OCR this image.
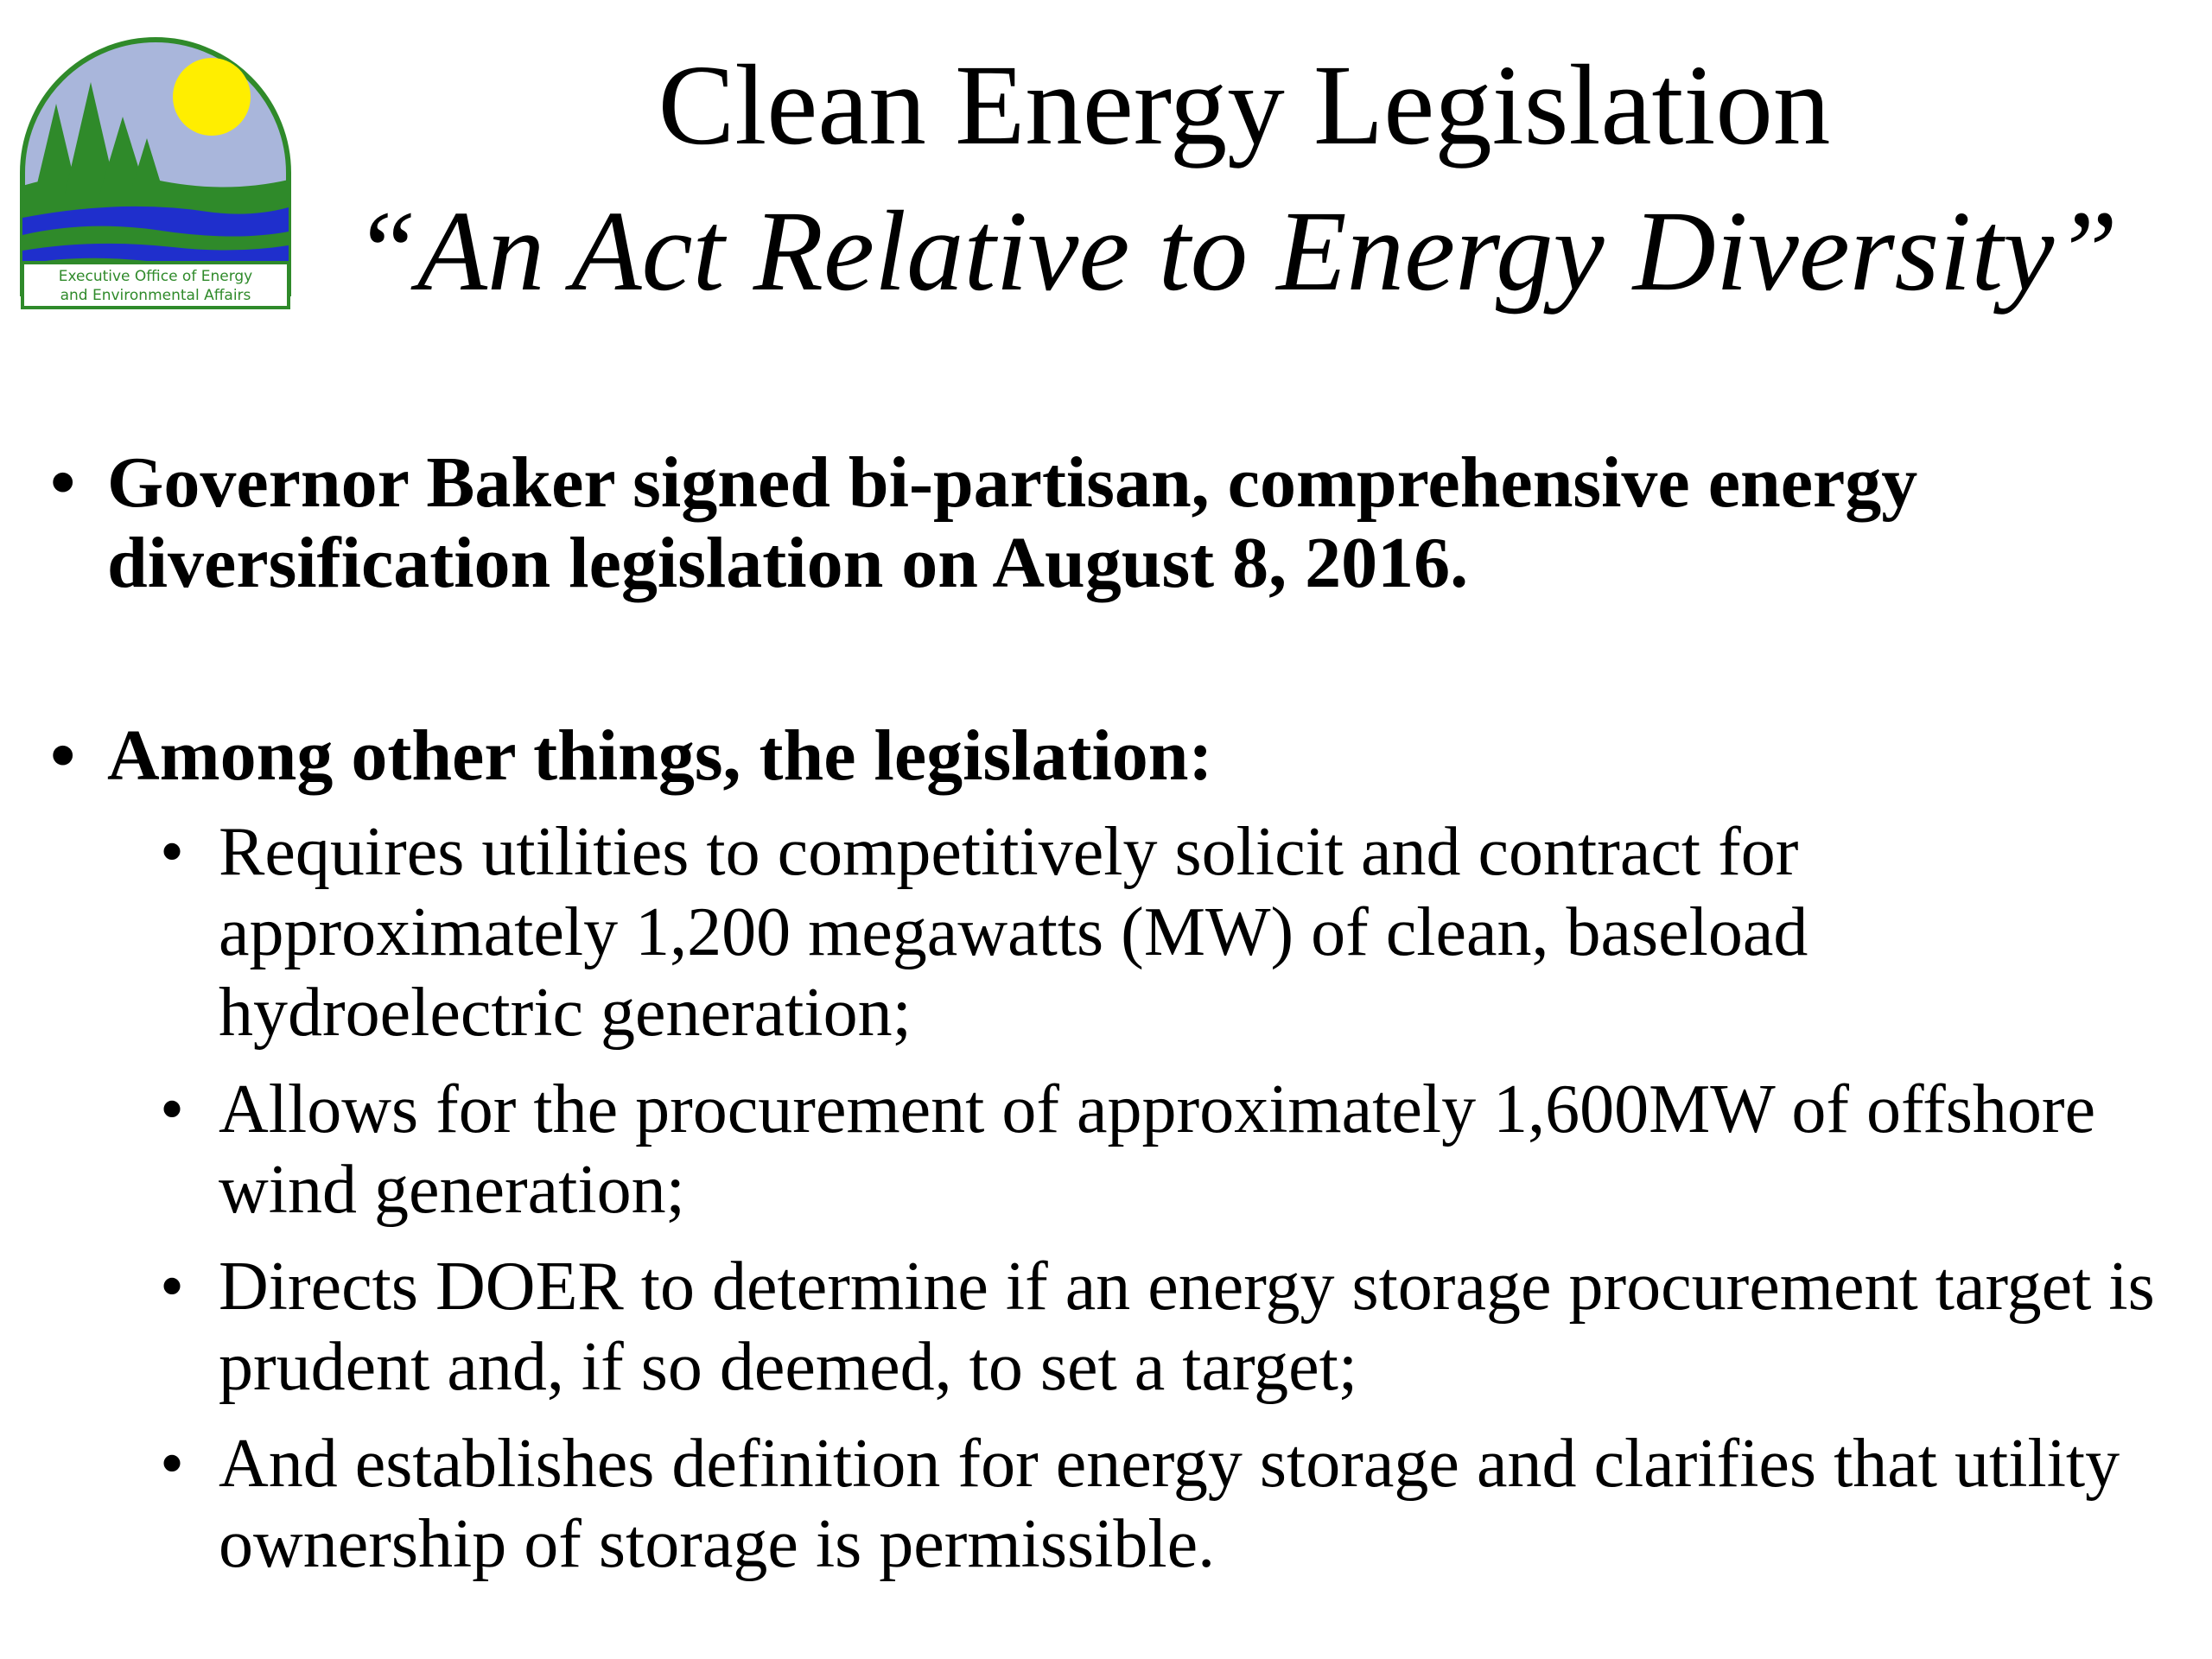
Executive Office of Energy
and Environmental Affairs
Clean Energy Legislation
“An Act Relative to Energy Diversity”
• Governor Baker signed bi-partisan, comprehensive energy diversification legislation on August 8, 2016.
• Among other things, the legislation:
• Requires utilities to competitively solicit and contract for approximately 1,200 megawatts (MW) of clean, baseload hydroelectric generation;
• Allows for the procurement of approximately 1,600MW of offshore wind generation;
• Directs DOER to determine if an energy storage procurement target is prudent and, if so deemed, to set a target;
• And establishes definition for energy storage and clarifies that utility ownership of storage is permissible.
